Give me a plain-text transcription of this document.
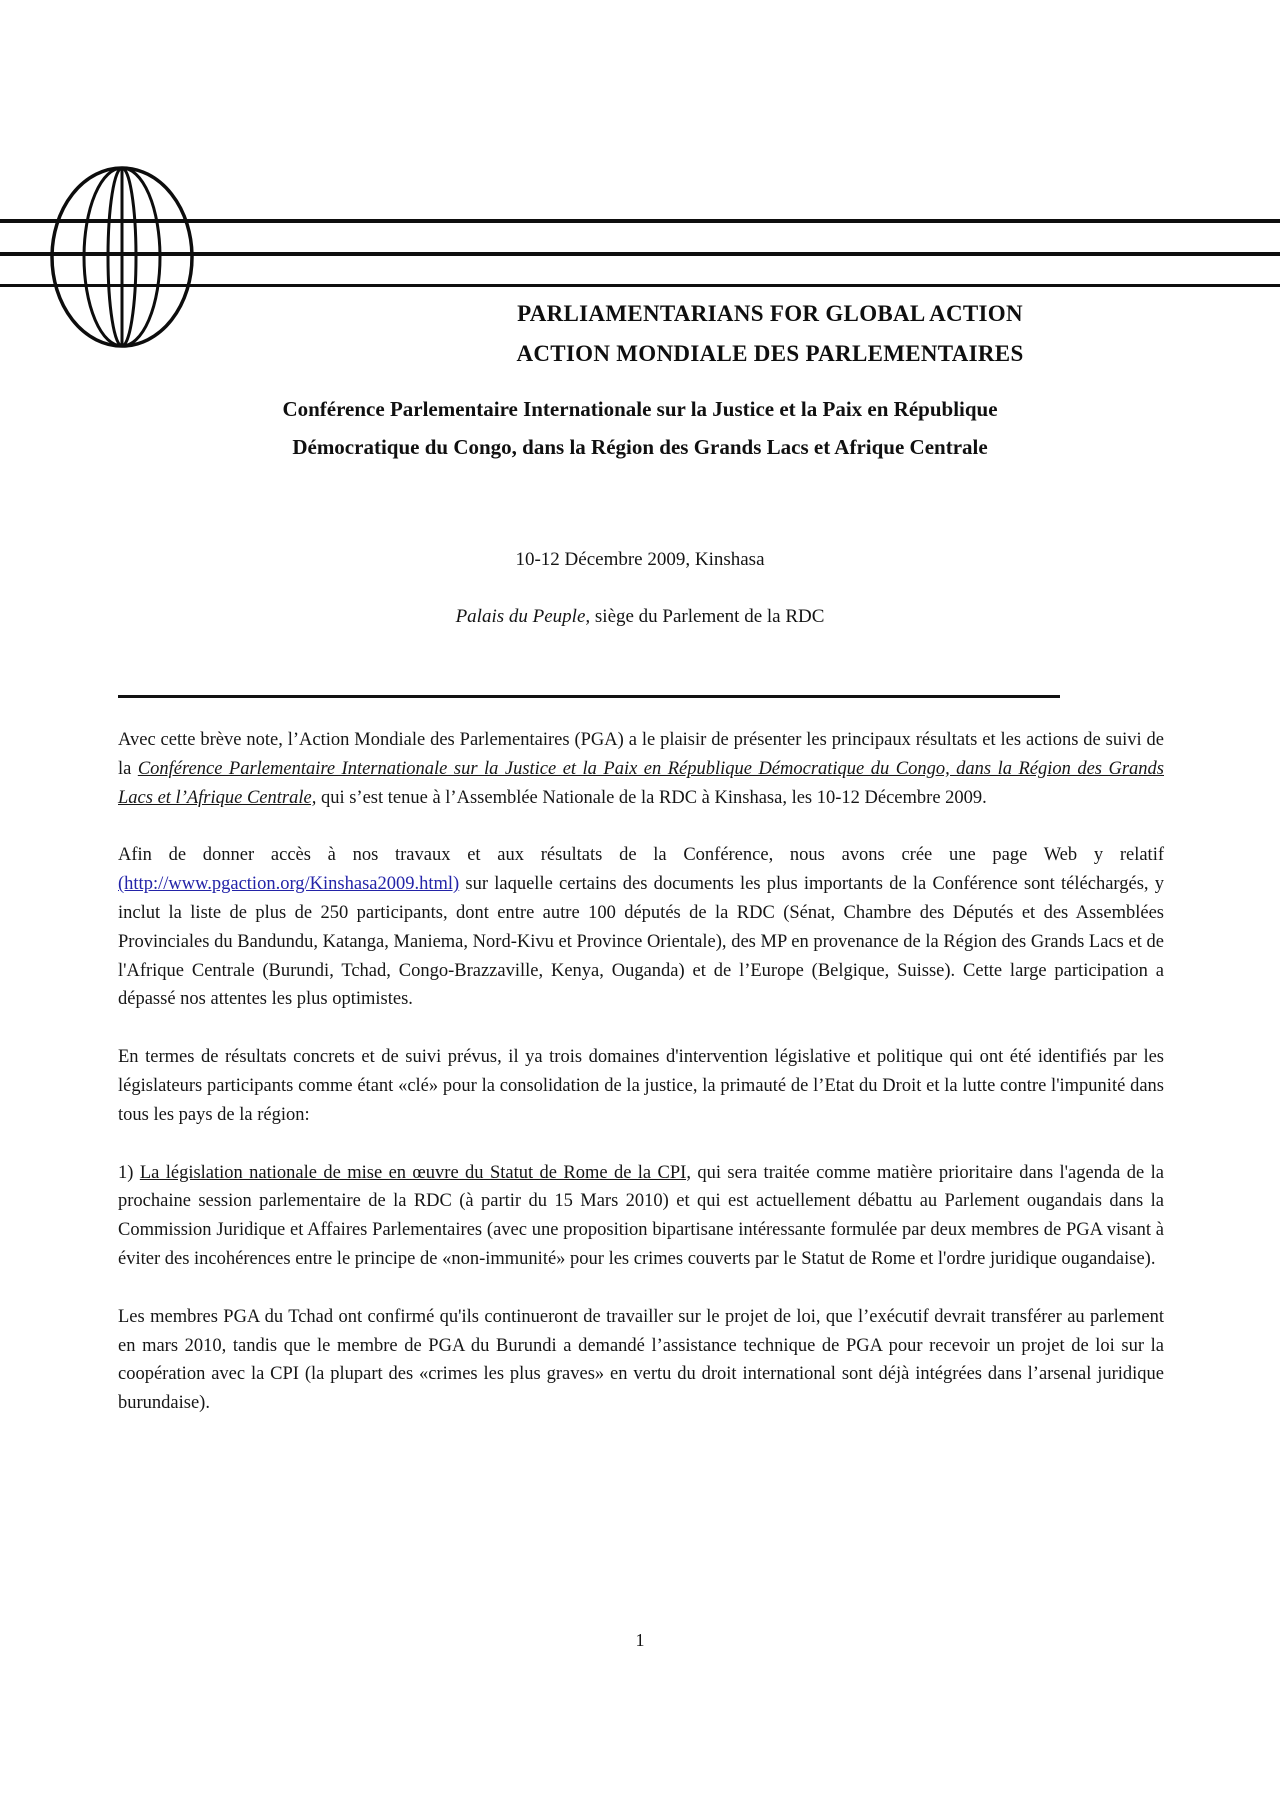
PARLIAMENTARIANS FOR GLOBAL ACTION
ACTION MONDIALE DES PARLEMENTAIRES
Conférence Parlementaire Internationale sur la Justice et la Paix en République
Démocratique du Congo, dans la Région des Grands Lacs et Afrique Centrale
10-12 Décembre 2009, Kinshasa
Palais du Peuple, siège du Parlement de la RDC

Avec cette brève note, l’Action Mondiale des Parlementaires (PGA) a le plaisir de présenter les principaux résultats et les actions de suivi de la Conférence Parlementaire Internationale sur la Justice et la Paix en République Démocratique du Congo, dans la Région des Grands Lacs et l’Afrique Centrale, qui s’est tenue à l’Assemblée Nationale de la RDC à Kinshasa, les 10-12 Décembre 2009.

Afin de donner accès à nos travaux et aux résultats de la Conférence, nous avons crée une page Web y relatif (http://www.pgaction.org/Kinshasa2009.html) sur laquelle certains des documents les plus importants de la Conférence sont téléchargés, y inclut la liste de plus de 250 participants, dont entre autre 100 députés de la RDC (Sénat, Chambre des Députés et des Assemblées Provinciales du Bandundu, Katanga, Maniema, Nord-Kivu et Province Orientale), des MP en provenance de la Région des Grands Lacs et de l'Afrique Centrale (Burundi, Tchad, Congo-Brazzaville, Kenya, Ouganda) et de l’Europe (Belgique, Suisse). Cette large participation a dépassé nos attentes les plus optimistes.

En termes de résultats concrets et de suivi prévus, il ya trois domaines d'intervention législative et politique qui ont été identifiés par les législateurs participants comme étant «clé» pour la consolidation de la justice, la primauté de l’Etat du Droit et la lutte contre l'impunité dans tous les pays de la région:

1) La législation nationale de mise en œuvre du Statut de Rome de la CPI, qui sera traitée comme matière prioritaire dans l'agenda de la prochaine session parlementaire de la RDC (à partir du 15 Mars 2010) et qui est actuellement débattu au Parlement ougandais dans la Commission Juridique et Affaires Parlementaires (avec une proposition bipartisane intéressante formulée par deux membres de PGA visant à éviter des incohérences entre le principe de «non-immunité» pour les crimes couverts par le Statut de Rome et l'ordre juridique ougandaise).

Les membres PGA du Tchad ont confirmé qu'ils continueront de travailler sur le projet de loi, que l’exécutif devrait transférer au parlement en mars 2010, tandis que le membre de PGA du Burundi a demandé l’assistance technique de PGA pour recevoir un projet de loi sur la coopération avec la CPI (la plupart des «crimes les plus graves» en vertu du droit international sont déjà intégrées dans l’arsenal juridique burundaise).

1
